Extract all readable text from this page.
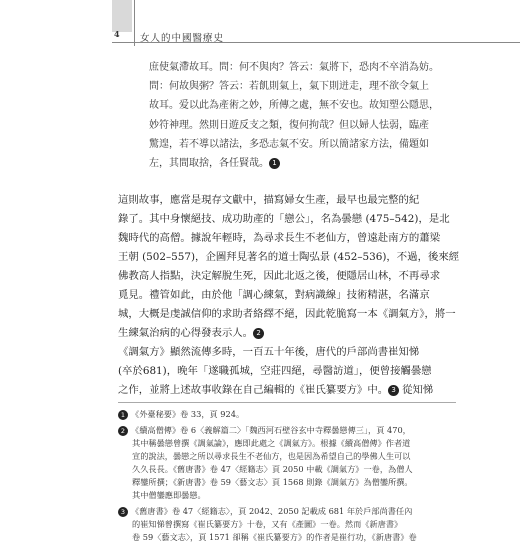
4 女人的中國醫療史
庶使氣滯故耳。問：何不與肉？答云：氣將下，恐肉不卒消為妨。
問：何故與粥？答云：若飢則氣上，氣下則迸走，理不欲令氣上
故耳。爱以此為產術之妙，所傳之處，無不安也。故知塑公隱思，
妙符神理。然則日遊反支之類，復何拘哉？但以婦人怯弱，臨產
驚遑，若不導以諸法，多恐志氣不安。所以簡諸家方法，備題如
左，其間取捨，各任賢哉。 1
這則故事，應當是現存文獻中，描寫婦女生產，最早也最完整的紀
錄了。其中身懷絕技、成功助產的「戀公」，名為曇戀 (475–542)，是北
魏時代的高僧。據說年輕時，為尋求長生不老仙方，曾遠赴南方的蕭梁
王朝 (502–557)，企圖拜見著名的道士陶弘景 (452–536)，不過，後來經
佛教高人指點，決定解脫生死，因此北返之後，便隱居山林，不再尋求
覓見。禮管如此，由於他「調心練氣，對病識線」技術精湛，名滿京
城，大概是虔誠信仰的求助者絡繹不絕，因此乾脆寫一本《調氣方》，將一
生練氣治病的心得發表示人。 2
《調氣方》顯然流傳多時，一百五十年後，唐代的戶部尚書崔知悌
(卒於681)，晚年「遂職孤城，空莊四絕，尋醫訪道」，便曾接觸曇戀
之作，並將上述故事收錄在自己編輯的《崔氏纂要方》中。 3 從知悌
1 《外臺秘要》卷 33，頁 924。
2 《續高僧傳》卷 6〈義解篇二〉「魏西河石壁谷玄中寺釋曇戀傳三」，頁 470，
其中稱曇戀曾撰《調氣論》，應即此處之《調氣方》。根據《續高僧傳》作者道
宣的說法，曇戀之所以尋求長生不老仙方，也是因為希望自己的學佛人生可以
久久長長。《舊唐書》卷 47〈經籍志〉頁 2050 中載《調氣方》一卷，為僧人
釋鑾所撰；《新唐書》卷 59〈藝文志〉頁 1568 則錄《調氣方》為僧鑾所撰。
其中僧鑾應即曇戀。
3 《舊唐書》卷 47〈經籍志〉，頁 2042、2050 記載成 681 年於戶部尚書任內
的崔知悌曾撰寫《崔氏纂要方》十卷，又有《產圖》一卷。然而《新唐書》
卷 59〈藝文志〉，頁 1571 卻稱《崔氏纂要方》的作者是崔行功，《新唐書》卷
